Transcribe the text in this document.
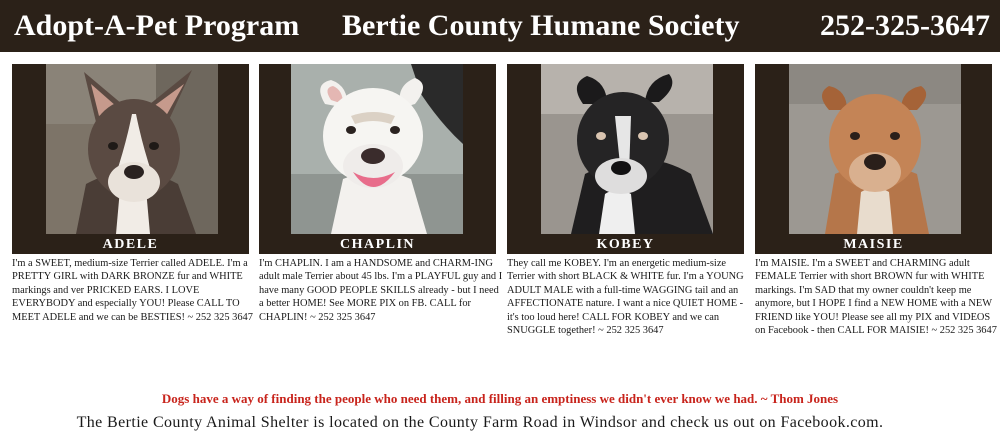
Adopt-A-Pet Program Bertie County Humane Society	252-325-3647
ADELE

I'm a SWEET, medium-size Terrier called ADELE. I'm a PRETTY GIRL with DARK BRONZE fur and WHITE markings and ver PRICKED EARS. I LOVE EVERYBODY and especially YOU! Please CALL TO MEET ADELE and we can be BESTIES! ~ 252 325 3647

CHAPLIN

I'm CHAPLIN. I am a HANDSOME and CHARM-ING adult male Terrier about 45 lbs. I'm a PLAYFUL guy and I have many GOOD PEOPLE SKILLS already - but I need a better HOME! See MORE PIX on FB. CALL for CHAPLIN! ~ 252 325 3647

KOBEY

They call me KOBEY. I'm an energetic medium-size Terrier with short BLACK & WHITE fur. I'm a YOUNG ADULT MALE with a full-time WAGGING tail and an AFFECTIONATE nature. I want a nice QUIET HOME - it's too loud here! CALL FOR KOBEY and we can SNUGGLE together! ~ 252 325 3647

MAISIE

I'm MAISIE. I'm a SWEET and CHARMING adult FEMALE Terrier with short BROWN fur with WHITE markings. I'm SAD that my owner couldn't keep me anymore, but I HOPE I find a NEW HOME with a NEW FRIEND like YOU! Please see all my PIX and VIDEOS on Facebook - then CALL FOR MAISIE! ~ 252 325 3647

Dogs have a way of finding the people who need them, and filling an emptiness we didn't ever know we had. ~ Thom Jones
The Bertie County Animal Shelter is located on the County Farm Road in Windsor and check us out on Facebook.com.
